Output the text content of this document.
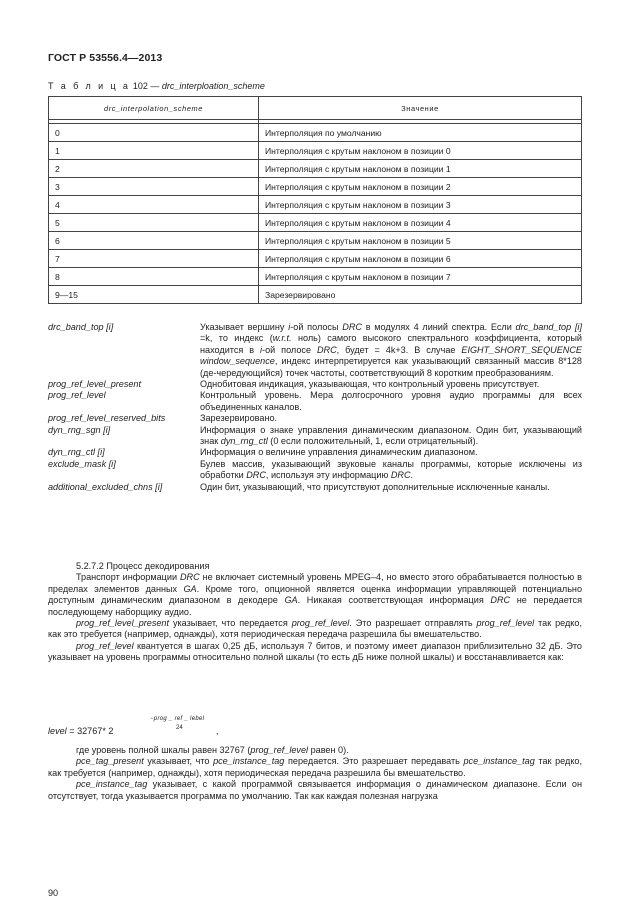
ГОСТ Р 53556.4—2013
Т а б л и ц а 102 — drc_interploation_scheme
drc_interpolation_scheme	Значение

0	Интерполяция по умолчанию
1	Интерполяция с крутым наклоном в позиции 0
2	Интерполяция с крутым наклоном в позиции 1
3	Интерполяция с крутым наклоном в позиции 2
4	Интерполяция с крутым наклоном в позиции 3
5	Интерполяция с крутым наклоном в позиции 4
6	Интерполяция с крутым наклоном в позиции 5
7	Интерполяция с крутым наклоном в позиции 6
8	Интерполяция с крутым наклоном в позиции 7
9—15	Зарезервировано
drc_band_top [i]	Указывает вершину i-ой полосы DRC в модулях 4 линий спектра. Если drc_band_top [i] =k, то индекс (w.r.t. ноль) самого высокого спектрального коэффициента, который находится в i-ой полосе DRC, будет = 4k+3. В случае EIGHT_SHORT_SEQUENCE window_sequence, индекс интерпретируется как указывающий связанный массив 8*128 (де-чередующийся) точек частоты, соответствующий 8 коротким преобразованиям.
prog_ref_level_present	Однобитовая индикация, указывающая, что контрольный уровень присутствует.
prog_ref_level	Контрольный уровень. Мера долгосрочного уровня аудио программы для всех объединенных каналов.
prog_ref_level_reserved_bits	Зарезервировано.
dyn_rng_sgn [i]	Информация о знаке управления динамическим диапазоном. Один бит, указывающий знак dyn_rng_ctl (0 если положительный, 1, если отрицательный).
dyn_rng_ctl [i]	Информация о величине управления динамическим диапазоном.
exclude_mask [i]	Булев массив, указывающий звуковые каналы программы, которые исключены из обработки DRC, используя эту информацию DRC.
additional_excluded_chns [i]	Один бит, указывающий, что присутствуют дополнительные исключенные каналы.

5.2.7.2 Процесс декодирования

Транспорт информации DRC не включает системный уровень MPEG–4, но вместо этого обрабатывается полностью в пределах элементов данных GA. Кроме того, опционной является оценка информации управляющей потенциально доступным динамическим диапазоном в декодере GA. Никакая соответствующая информация DRC не передается последующему наборщику аудио.

prog_ref_level_present указывает, что передается prog_ref_level. Это разрешает отправлять prog_ref_level так редко, как это требуется (например, однажды), хотя периодическая передача разрешила бы вмешательство.

prog_ref_level квантуется в шагах 0,25 дБ, используя 7 битов, и поэтому имеет диапазон приблизительно 32 дБ. Это указывает на уровень программы относительно полной шкалы (то есть дБ ниже полной шкалы) и восстанавливается как:

level = 32767* 2
−prog _ ref _ lebel
24	,

где уровень полной шкалы равен 32767 (prog_ref_level равен 0).

pce_tag_present указывает, что pce_instance_tag передается. Это разрешает передавать pce_instance_tag так редко, как требуется (например, однажды), хотя периодическая передача разрешила бы вмешательство.

pce_instance_tag указывает, с какой программой связывается информация о динамическом диапазоне. Если он отсутствует, тогда указывается программа по умолчанию. Так как каждая полезная нагрузка

90
